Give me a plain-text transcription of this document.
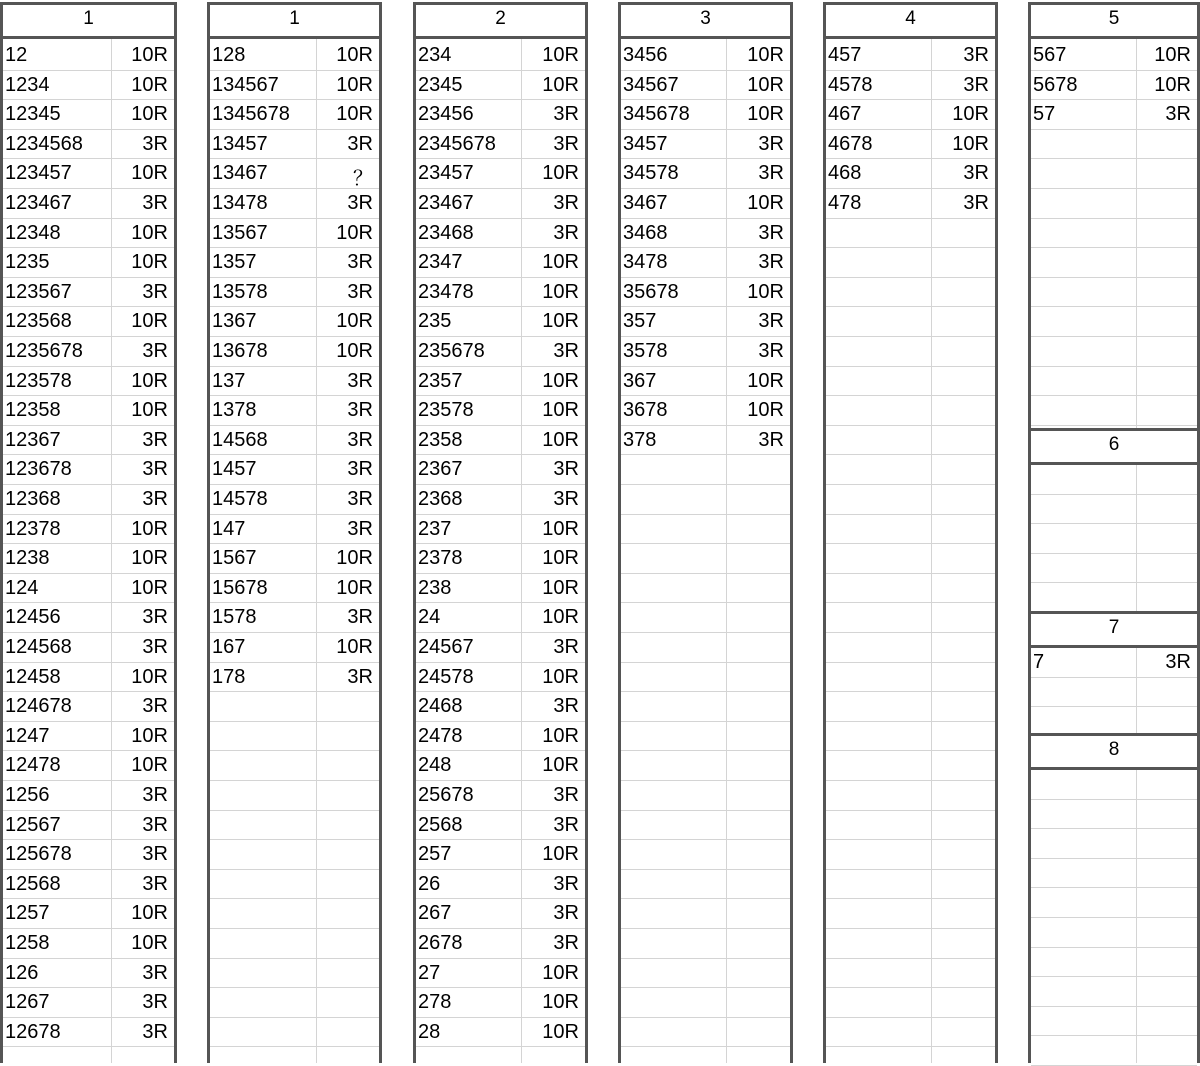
1
12	10R
1234	10R
12345	10R
1234568	3R
123457	10R
123467	3R
12348	10R
1235	10R
123567	3R
123568	10R
1235678	3R
123578	10R
12358	10R
12367	3R
123678	3R
12368	3R
12378	10R
1238	10R
124	10R
12456	3R
124568	3R
12458	10R
124678	3R
1247	10R
12478	10R
1256	3R
12567	3R
125678	3R
12568	3R
1257	10R
1258	10R
126	3R
1267	3R
12678	3R
1
128	10R
134567	10R
1345678	10R
13457	3R
13467	？
13478	3R
13567	10R
1357	3R
13578	3R
1367	10R
13678	10R
137	3R
1378	3R
14568	3R
1457	3R
14578	3R
147	3R
1567	10R
15678	10R
1578	3R
167	10R
178	3R
2
234	10R
2345	10R
23456	3R
2345678	3R
23457	10R
23467	3R
23468	3R
2347	10R
23478	10R
235	10R
235678	3R
2357	10R
23578	10R
2358	10R
2367	3R
2368	3R
237	10R
2378	10R
238	10R
24	10R
24567	3R
24578	10R
2468	3R
2478	10R
248	10R
25678	3R
2568	3R
257	10R
26	3R
267	3R
2678	3R
27	10R
278	10R
28	10R
3
3456	10R
34567	10R
345678	10R
3457	3R
34578	3R
3467	10R
3468	3R
3478	3R
35678	10R
357	3R
3578	3R
367	10R
3678	10R
378	3R
4
457	3R
4578	3R
467	10R
4678	10R
468	3R
478	3R
5
567	10R
5678	10R
57	3R
6
7
7	3R
8
